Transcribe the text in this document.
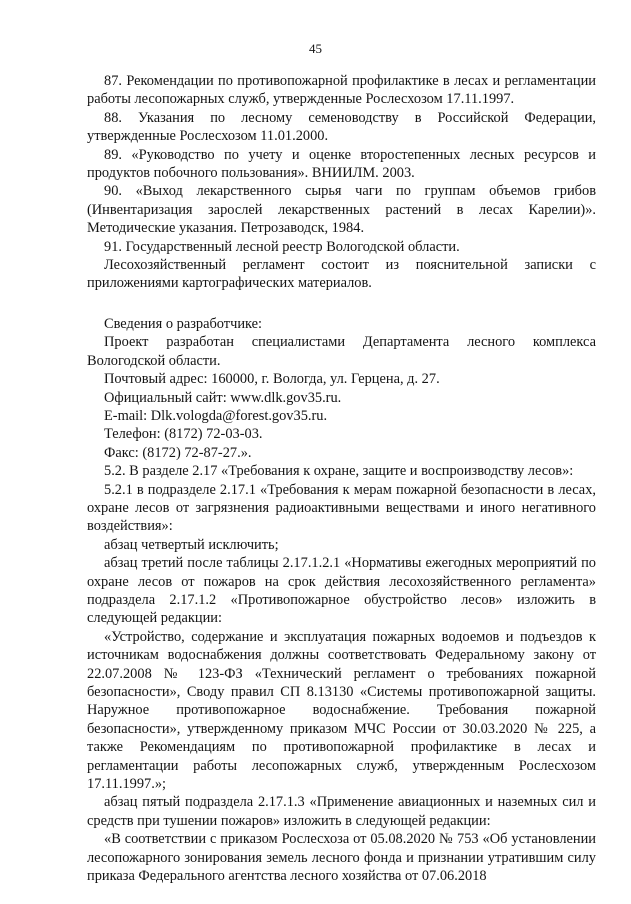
45

87. Рекомендации по противопожарной профилактике в лесах и регламентации работы лесопожарных служб, утвержденные Рослесхозом 17.11.1997.

88. Указания по лесному семеноводству в Российской Федерации, утвержденные Рослесхозом 11.01.2000.

89. «Руководство по учету и оценке второстепенных лесных ресурсов и продуктов побочного пользования». ВНИИЛМ. 2003.

90. «Выход лекарственного сырья чаги по группам объемов грибов (Инвентаризация зарослей лекарственных растений в лесах Карелии)». Методические указания. Петрозаводск, 1984.

91. Государственный лесной реестр Вологодской области.

Лесохозяйственный регламент состоит из пояснительной записки с приложениями картографических материалов.

Сведения о разработчике:

Проект разработан специалистами Департамента лесного комплекса Вологодской области.

Почтовый адрес: 160000, г. Вологда, ул. Герцена, д. 27.

Официальный сайт: www.dlk.gov35.ru.

E-mail: Dlk.vologda@forest.gov35.ru.

Телефон: (8172) 72-03-03.

Факс: (8172) 72-87-27.».

5.2. В разделе 2.17 «Требования к охране, защите и воспроизводству лесов»:

5.2.1 в подразделе 2.17.1 «Требования к мерам пожарной безопасности в лесах, охране лесов от загрязнения радиоактивными веществами и иного негативного воздействия»:

абзац четвертый исключить;

абзац третий после таблицы 2.17.1.2.1 «Нормативы ежегодных мероприятий по охране лесов от пожаров на срок действия лесохозяйственного регламента» подраздела 2.17.1.2 «Противопожарное обустройство лесов» изложить в следующей редакции:

«Устройство, содержание и эксплуатация пожарных водоемов и подъездов к источникам водоснабжения должны соответствовать Федеральному закону от 22.07.2008 № 123-ФЗ «Технический регламент о требованиях пожарной безопасности», Своду правил СП 8.13130 «Системы противопожарной защиты. Наружное противопожарное водоснабжение. Требования пожарной безопасности», утвержденному приказом МЧС России от 30.03.2020 № 225, а также Рекомендациям по противопожарной профилактике в лесах и регламентации работы лесопожарных служб, утвержденным Рослесхозом 17.11.1997.»;

абзац пятый подраздела 2.17.1.3 «Применение авиационных и наземных сил и средств при тушении пожаров» изложить в следующей редакции:

«В соответствии с приказом Рослесхоза от 05.08.2020 № 753 «Об установлении лесопожарного зонирования земель лесного фонда и признании утратившим силу приказа Федерального агентства лесного хозяйства от 07.06.2018
